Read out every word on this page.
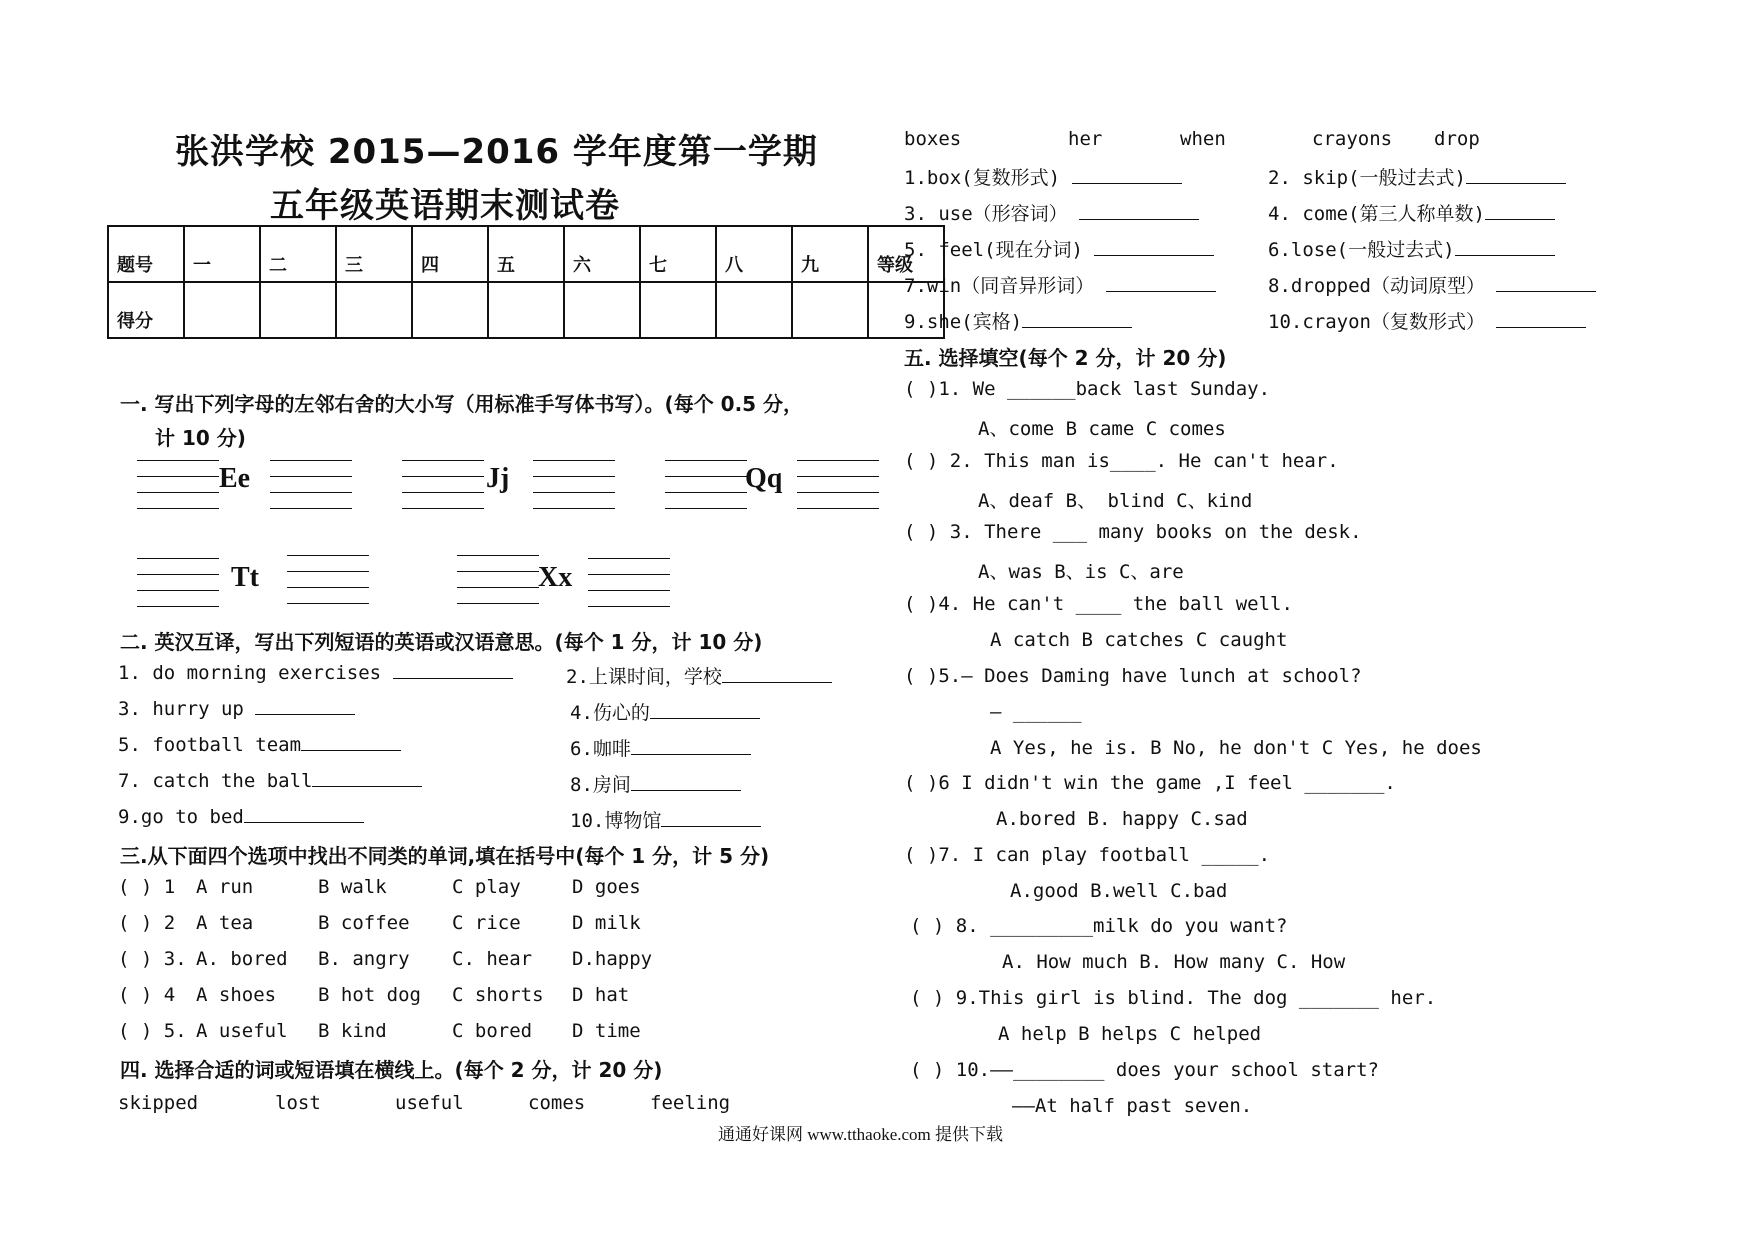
张洪学校 2015—2016 学年度第一学期
五年级英语期末测试卷
题号	一	二	三	四	五	六	七	八	九	等级
得分										
一. 写出下列字母的左邻右舍的大小写（用标准手写体书写）。(每个 0.5 分，
计 10 分)
Ee	Jj	Qq
Tt	Xx
二. 英汉互译，写出下列短语的英语或汉语意思。(每个 1 分，计 10 分)
1. do morning exercises	2.上课时间，学校
3. hurry up	4.伤心的
5. football team	6.咖啡
7. catch the ball	8.房间
9.go to bed	10.博物馆
三.从下面四个选项中找出不同类的单词,填在括号中(每个 1 分，计 5 分)
( ) 1 A run	B walk	C play	D goes
( ) 2 A tea	B coffee C rice	D milk
( ) 3. A. bored B. angry C. hear D.happy
( ) 4 A shoes B hot dog C shorts D hat
( ) 5. A useful B kind	C bored D time
四. 选择合适的词或短语填在横线上。(每个 2 分，计 20 分)
skipped	lost	useful	comes	feeling
boxes	her	when	crayons drop
1.box(复数形式)	2. skip(一般过去式)
3. use（形容词）	4. come(第三人称单数)
5. feel(现在分词)	6.lose(一般过去式)
7.win（同音异形词）	8.dropped（动词原型）
9.she(宾格)	10.crayon（复数形式）
五. 选择填空(每个 2 分，计 20 分)
( )1. We ______back last Sunday.
A、come B came C comes
( ) 2. This man is____. He can't hear.
A、deaf B、 blind C、kind
( ) 3. There ___ many books on the desk.
A、was B、is C、are
( )4. He can't ____ the ball well.
A catch B catches C caught
( )5.— Does Daming have lunch at school?
— ______
A Yes, he is. B No, he don't C Yes, he does
( )6 I didn't win the game ,I feel _______.
A.bored B. happy C.sad
( )7. I can play football _____.
A.good B.well C.bad
( ) 8. _________milk do you want?
A. How much B. How many C. How
( ) 9.This girl is blind. The dog _______ her.
A help B helps C helped
( ) 10.——________ does your school start?
——At half past seven.
通通好课网 www.tthaoke.com 提供下载
